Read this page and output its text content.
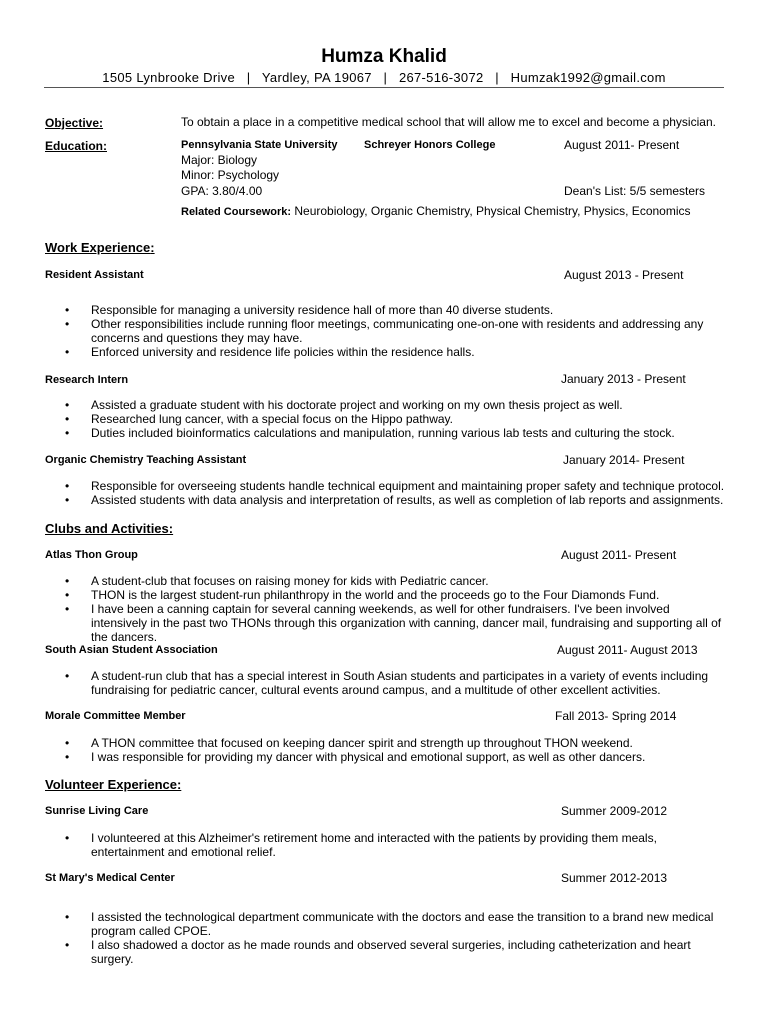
Humza Khalid
1505 Lynbrooke Drive   |   Yardley, PA 19067   |   267-516-3072   |   Humzak1992@gmail.com
Objective:	To obtain a place in a competitive medical school that will allow me to excel and become a physician.
Education:	Pennsylvania State University Schreyer Honors College	August 2011- Present
Major: Biology
Minor: Psychology
GPA: 3.80/4.00	Dean's List: 5/5 semesters
Related Coursework: Neurobiology, Organic Chemistry, Physical Chemistry, Physics, Economics
Work Experience:
Resident Assistant	August 2013 - Present
• Responsible for managing a university residence hall of more than 40 diverse students.
• Other responsibilities include running floor meetings, communicating one-on-one with residents and addressing any concerns and questions they may have.
• Enforced university and residence life policies within the residence halls.
Research Intern	January 2013 - Present
• Assisted a graduate student with his doctorate project and working on my own thesis project as well.
• Researched lung cancer, with a special focus on the Hippo pathway.
• Duties included bioinformatics calculations and manipulation, running various lab tests and culturing the stock.
Organic Chemistry Teaching Assistant	January 2014- Present
• Responsible for overseeing students handle technical equipment and maintaining proper safety and technique protocol.
• Assisted students with data analysis and interpretation of results, as well as completion of lab reports and assignments.
Clubs and Activities:
Atlas Thon Group	August 2011- Present
• A student-club that focuses on raising money for kids with Pediatric cancer.
• THON is the largest student-run philanthropy in the world and the proceeds go to the Four Diamonds Fund.
• I have been a canning captain for several canning weekends, as well for other fundraisers. I've been involved intensively in the past two THONs through this organization with canning, dancer mail, fundraising and supporting all of the dancers.
South Asian Student Association	August 2011- August 2013
• A student-run club that has a special interest in South Asian students and participates in a variety of events including fundraising for pediatric cancer, cultural events around campus, and a multitude of other excellent activities.
Morale Committee Member	Fall 2013- Spring 2014
• A THON committee that focused on keeping dancer spirit and strength up throughout THON weekend.
• I was responsible for providing my dancer with physical and emotional support, as well as other dancers.
Volunteer Experience:
Sunrise Living Care	Summer 2009-2012
• I volunteered at this Alzheimer's retirement home and interacted with the patients by providing them meals, entertainment and emotional relief.
St Mary's Medical Center	Summer 2012-2013
• I assisted the technological department communicate with the doctors and ease the transition to a brand new medical program called CPOE.
• I also shadowed a doctor as he made rounds and observed several surgeries, including catheterization and heart surgery.
